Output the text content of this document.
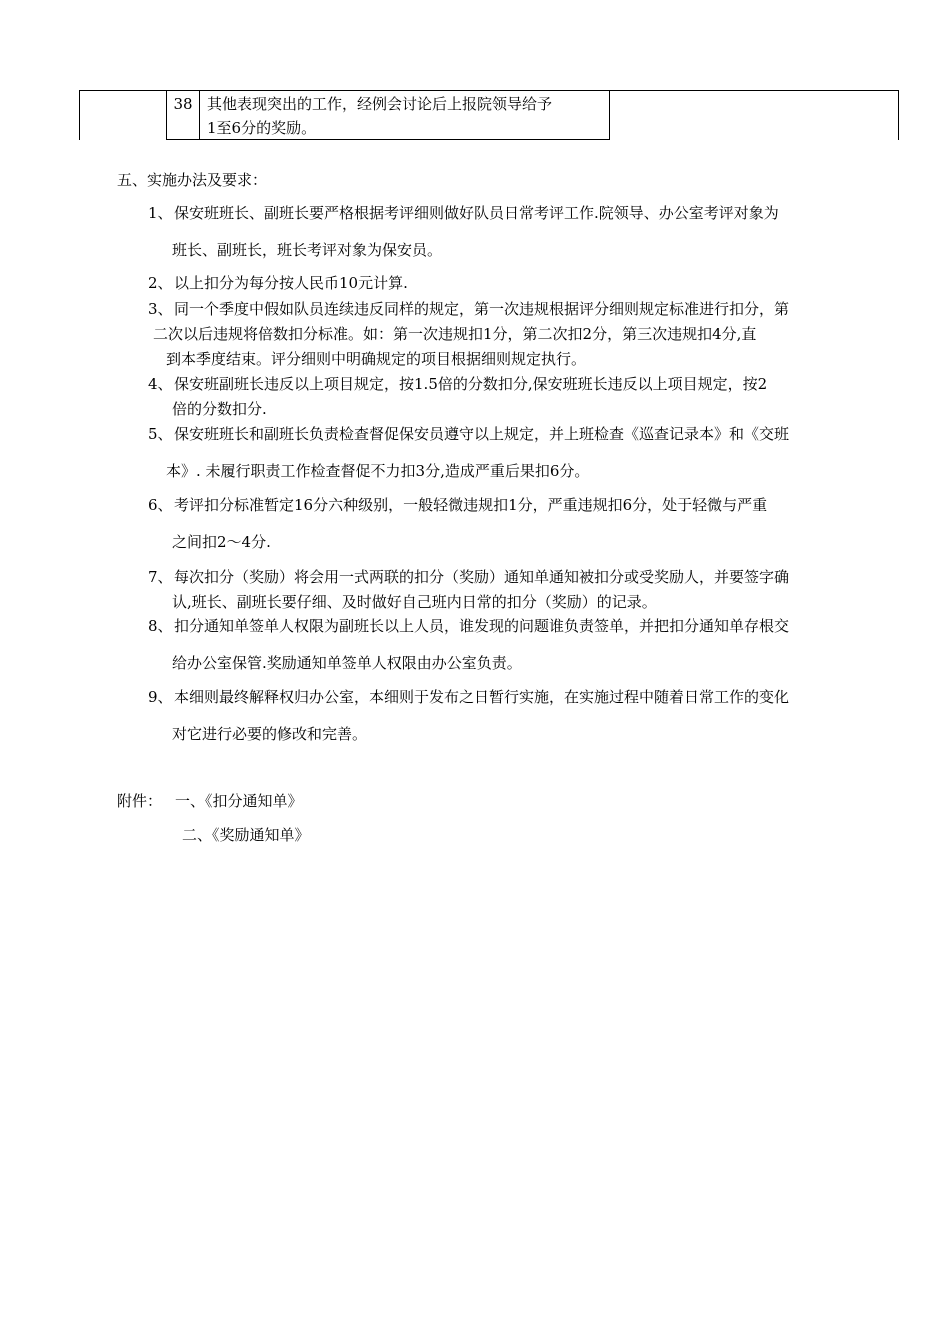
38 其他表现突出的工作，经例会讨论后上报院领导给予
1至6分的奖励。
五、实施办法及要求：
1、 保安班班长、副班长要严格根据考评细则做好队员日常考评工作.院领导、办公室考评对象为
班长、副班长，班长考评对象为保安员。
2、 以上扣分为每分按人民币10元计算.
3、 同一个季度中假如队员连续违反同样的规定，第一次违规根据评分细则规定标准进行扣分，第
二次以后违规将倍数扣分标准。如：第一次违规扣1分，第二次扣2分，第三次违规扣4分,直
到本季度结束。评分细则中明确规定的项目根据细则规定执行。
4、 保安班副班长违反以上项目规定，按1.5倍的分数扣分,保安班班长违反以上项目规定，按2
倍的分数扣分.
5、 保安班班长和副班长负责检查督促保安员遵守以上规定，并上班检查《巡查记录本》和《交班
本》. 未履行职责工作检查督促不力扣3分,造成严重后果扣6分。
6、 考评扣分标准暂定16分六种级别，一般轻微违规扣1分，严重违规扣6分，处于轻微与严重
之间扣2～4分.
7、 每次扣分（奖励）将会用一式两联的扣分（奖励）通知单通知被扣分或受奖励人，并要签字确
认,班长、副班长要仔细、及时做好自己班内日常的扣分（奖励）的记录。
8、 扣分通知单签单人权限为副班长以上人员，谁发现的问题谁负责签单，并把扣分通知单存根交
给办公室保管.奖励通知单签单人权限由办公室负责。
9、 本细则最终解释权归办公室，本细则于发布之日暂行实施，在实施过程中随着日常工作的变化
对它进行必要的修改和完善。
附件： 一、《扣分通知单》
二、《奖励通知单》
